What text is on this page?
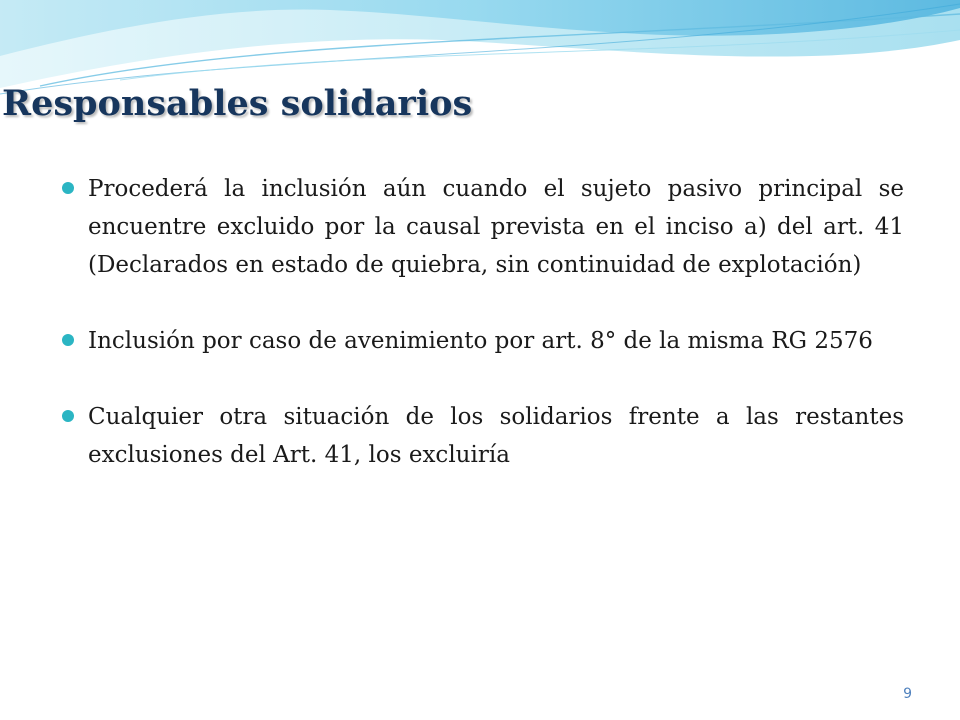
Responsables solidarios
Procederá la inclusión aún cuando el sujeto pasivo principal se encuentre excluido por la causal prevista en el inciso a) del art. 41 (Declarados en estado de quiebra, sin continuidad de explotación)
Inclusión por caso de avenimiento por art. 8° de la misma RG 2576
Cualquier otra situación de los solidarios frente a las restantes exclusiones del Art. 41, los excluiría
9
